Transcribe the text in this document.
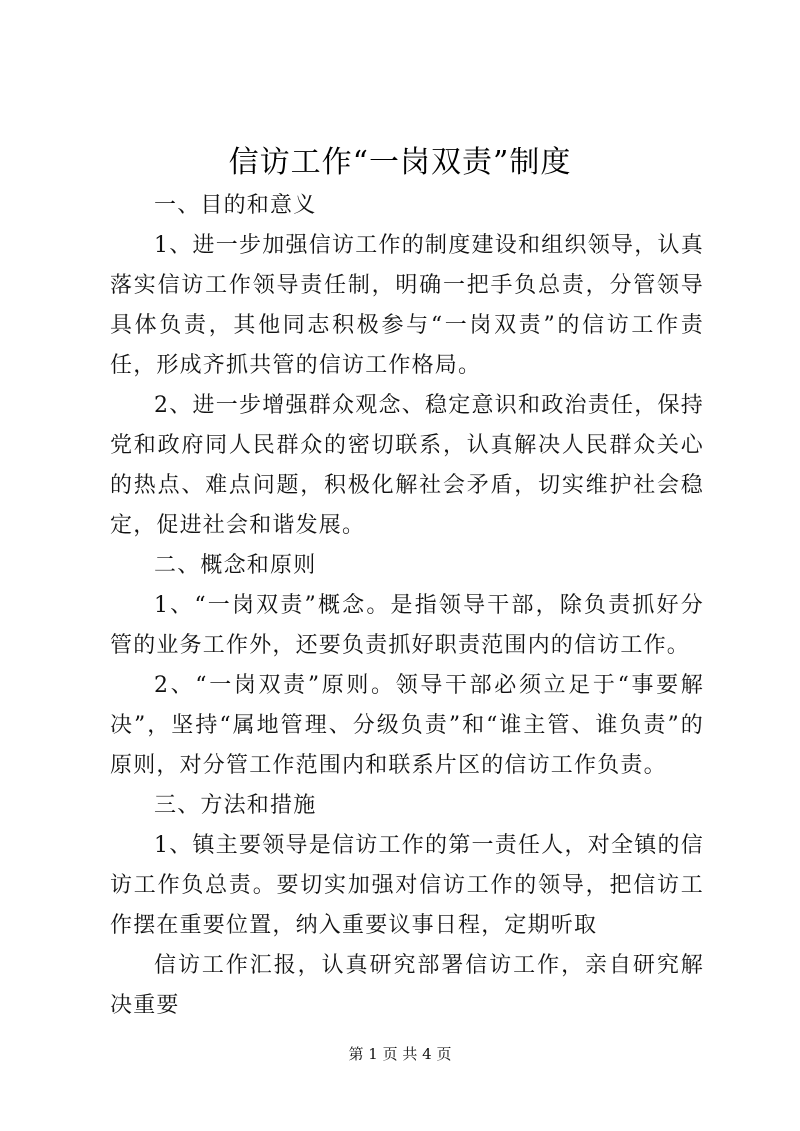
信访工作“一岗双责”制度

一、目的和意义

1、进一步加强信访工作的制度建设和组织领导，认真落实信访工作领导责任制，明确一把手负总责，分管领导具体负责，其他同志积极参与“一岗双责”的信访工作责任，形成齐抓共管的信访工作格局。

2、进一步增强群众观念、稳定意识和政治责任，保持党和政府同人民群众的密切联系，认真解决人民群众关心的热点、难点问题，积极化解社会矛盾，切实维护社会稳定，促进社会和谐发展。

二、概念和原则

1、“一岗双责”概念。是指领导干部，除负责抓好分管的业务工作外，还要负责抓好职责范围内的信访工作。

2、“一岗双责”原则。领导干部必须立足于“事要解决”，坚持“属地管理、分级负责”和“谁主管、谁负责”的原则，对分管工作范围内和联系片区的信访工作负责。

三、方法和措施

1、镇主要领导是信访工作的第一责任人，对全镇的信访工作负总责。要切实加强对信访工作的领导，把信访工作摆在重要位置，纳入重要议事日程，定期听取

信访工作汇报，认真研究部署信访工作，亲自研究解决重要

第 1 页 共 4 页
